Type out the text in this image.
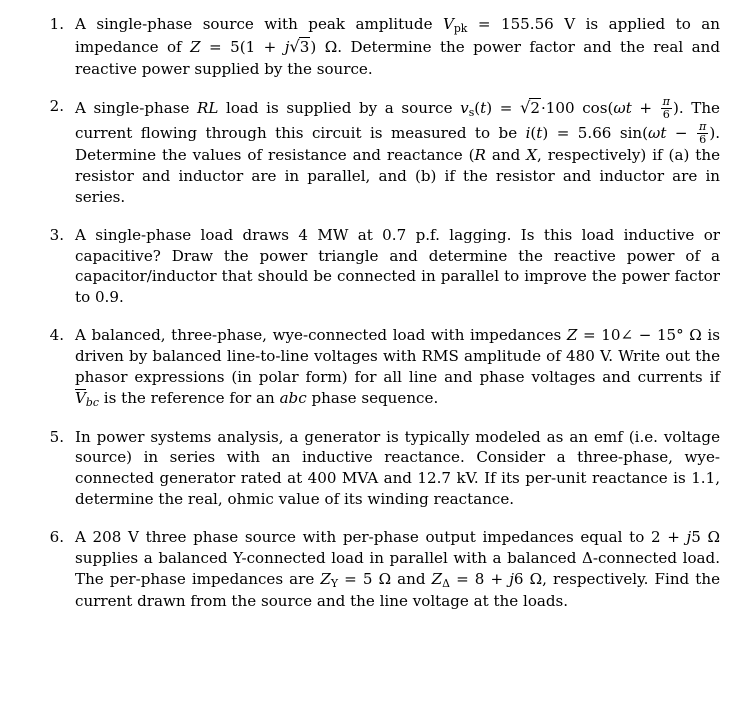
1. A single-phase source with peak amplitude $V_{pk} = 155.56$ V is applied to an impedance of Z = 5(1 + j√3) Ω. Determine the power factor and the real and reactive power supplied by the source.
2. A single-phase RL load is supplied by a source $v_s(t) = √2\cdot 100$ $\cos(\omega t + \frac{\pi}{6}$ ). The current flowing through this circuit is measured to be i(t) = 5.66 $\sin(\omega t - \frac{\pi}{6}$ ). Determine the values of resistance and reactance (R and X, respectively) if (a) the resistor and inductor are in parallel, and (b) if the resistor and inductor are in series.
3. A single-phase load draws 4 MW at 0.7 p.f. lagging. Is this load inductive or capacitive? Draw the power triangle and determine the reactive power of a capacitor/inductor that should be connected in parallel to improve the power factor to 0.9.
4. A balanced, three-phase, wye-connected load with impedances Z = 10∠ − 15° Ω is driven by balanced line-to-line voltages with RMS amplitude of 480 V. Write out the phasor expressions (in polar form) for all line and phase voltages and currents if $V_{bc}$ is the reference for an abc phase sequence.
5. In power systems analysis, a generator is typically modeled as an emf (i.e. voltage source) in series with an inductive reactance. Consider a three-phase, wye-connected generator rated at 400 MVA and 12.7 kV. If its per-unit reactance is 1.1, determine the real, ohmic value of its winding reactance.
6. A 208 V three phase source with per-phase output impedances equal to 2 + j5 Ω supplies a balanced Y-connected load in parallel with a balanced Δ-connected load. The per-phase impedances are $Z_Y = 5$ Ω and $Z_\Delta = 8 + j6$ Ω, respectively. Find the current drawn from the source and the line voltage at the loads.
